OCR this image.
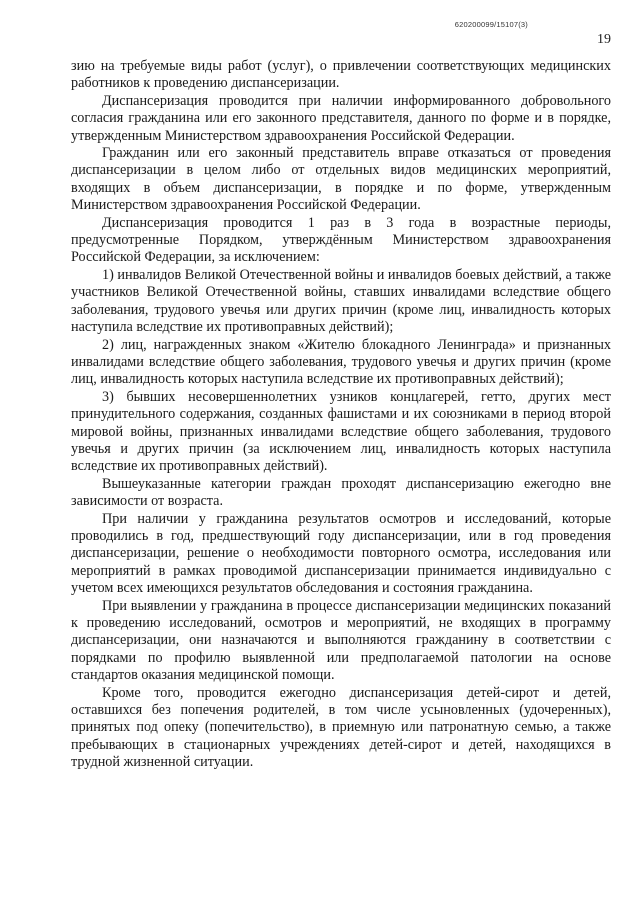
620200099/15107(3)
19

зию на требуемые виды работ (услуг), о привлечении соответствующих медицинских работников к проведению диспансеризации.

Диспансеризация проводится при наличии информированного добровольного согласия гражданина или его законного представителя, данного по форме и в порядке, утвержденным Министерством здравоохранения Российской Федерации.

Гражданин или его законный представитель вправе отказаться от проведения диспансеризации в целом либо от отдельных видов медицинских мероприятий, входящих в объем диспансеризации, в порядке и по форме, утвержденным Министерством здравоохранения Российской Федерации.

Диспансеризация проводится 1 раз в 3 года в возрастные периоды, предусмотренные Порядком, утверждённым Министерством здравоохранения Российской Федерации, за исключением:

1) инвалидов Великой Отечественной войны и инвалидов боевых действий, а также участников Великой Отечественной войны, ставших инвалидами вследствие общего заболевания, трудового увечья или других причин (кроме лиц, инвалидность которых наступила вследствие их противоправных действий);

2) лиц, награжденных знаком «Жителю блокадного Ленинграда» и признанных инвалидами вследствие общего заболевания, трудового увечья и других причин (кроме лиц, инвалидность которых наступила вследствие их противоправных действий);

3) бывших несовершеннолетних узников концлагерей, гетто, других мест принудительного содержания, созданных фашистами и их союзниками в период второй мировой войны, признанных инвалидами вследствие общего заболевания, трудового увечья и других причин (за исключением лиц, инвалидность которых наступила вследствие их противоправных действий).

Вышеуказанные категории граждан проходят диспансеризацию ежегодно вне зависимости от возраста.

При наличии у гражданина результатов осмотров и исследований, которые проводились в год, предшествующий году диспансеризации, или в год проведения диспансеризации, решение о необходимости повторного осмотра, исследования или мероприятий в рамках проводимой диспансеризации принимается индивидуально с учетом всех имеющихся результатов обследования и состояния гражданина.

При выявлении у гражданина в процессе диспансеризации медицинских показаний к проведению исследований, осмотров и мероприятий, не входящих в программу диспансеризации, они назначаются и выполняются гражданину в соответствии с порядками по профилю выявленной или предполагаемой патологии на основе стандартов оказания медицинской помощи.

Кроме того, проводится ежегодно диспансеризация детей-сирот и детей, оставшихся без попечения родителей, в том числе усыновленных (удочеренных), принятых под опеку (попечительство), в приемную или патронатную семью, а также пребывающих в стационарных учреждениях детей-сирот и детей, находящихся в трудной жизненной ситуации.
